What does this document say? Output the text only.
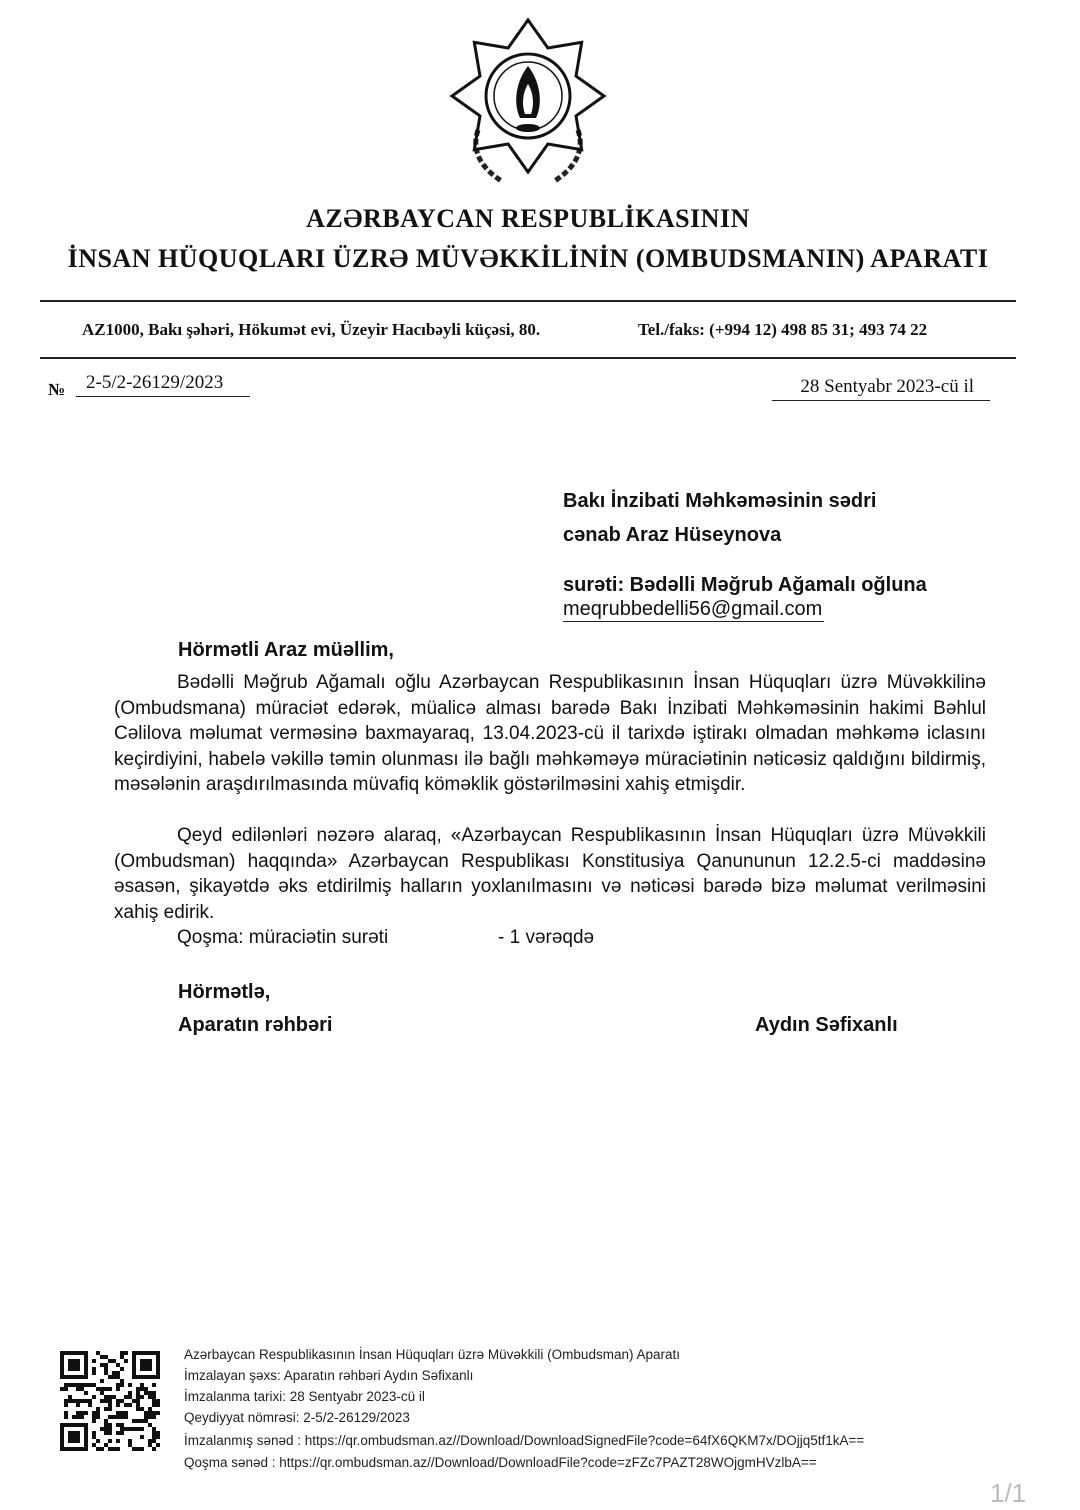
AZƏRBAYCAN RESPUBLİKASININ
İNSAN HÜQUQLARI ÜZRƏ MÜVƏKKİLİNİN (OMBUDSMANIN) APARATI
AZ1000, Bakı şəhəri, Hökumət evi, Üzeyir Hacıbəyli küçəsi, 80.	Tel./faks: (+994 12) 498 85 31; 493 74 22
№	2-5/2-26129/2023	28 Sentyabr 2023-cü il
Bakı İnzibati Məhkəməsinin sədri
cənab Araz Hüseynova
surəti: Bədəlli Məğrub Ağamalı oğluna
meqrubbedelli56@gmail.com
Hörmətli Araz müəllim,

Bədəlli Məğrub Ağamalı oğlu Azərbaycan Respublikasının İnsan Hüquqları üzrə Müvəkkilinə (Ombudsmana) müraciət edərək, müalicə alması barədə Bakı İnzibati Məhkəməsinin hakimi Bəhlul Cəlilova məlumat verməsinə baxmayaraq, 13.04.2023-cü il tarixdə iştirakı olmadan məhkəmə iclasını keçirdiyini, habelə vəkillə təmin olunması ilə bağlı məhkəməyə müraciətinin nəticəsiz qaldığını bildirmiş, məsələnin araşdırılmasında müvafiq köməklik göstərilməsini xahiş etmişdir.

Qeyd edilənləri nəzərə alaraq, «Azərbaycan Respublikasının İnsan Hüquqları üzrə Müvəkkili (Ombudsman) haqqında» Azərbaycan Respublikası Konstitusiya Qanununun 12.2.5-ci maddəsinə əsasən, şikayətdə əks etdirilmiş halların yoxlanılmasını və nəticəsi barədə bizə məlumat verilməsini xahiş edirik.

Qoşma: müraciətin surəti	- 1 vərəqdə
Hörmətlə,
Aparatın rəhbəri	Aydın Səfixanlı
Azərbaycan Respublikasının İnsan Hüquqları üzrə Müvəkkili (Ombudsman) Aparatı
İmzalayan şəxs: Aparatın rəhbəri Aydın Səfixanlı
İmzalanma tarixi: 28 Sentyabr 2023-cü il
Qeydiyyat nömrəsi: 2-5/2-26129/2023
İmzalanmış sənəd : https://qr.ombudsman.az//Download/DownloadSignedFile?code=64fX6QKM7x/DOjjq5tf1kA==
Qoşma sənəd : https://qr.ombudsman.az//Download/DownloadFile?code=zFZc7PAZT28WOjgmHVzlbA==
1/1
